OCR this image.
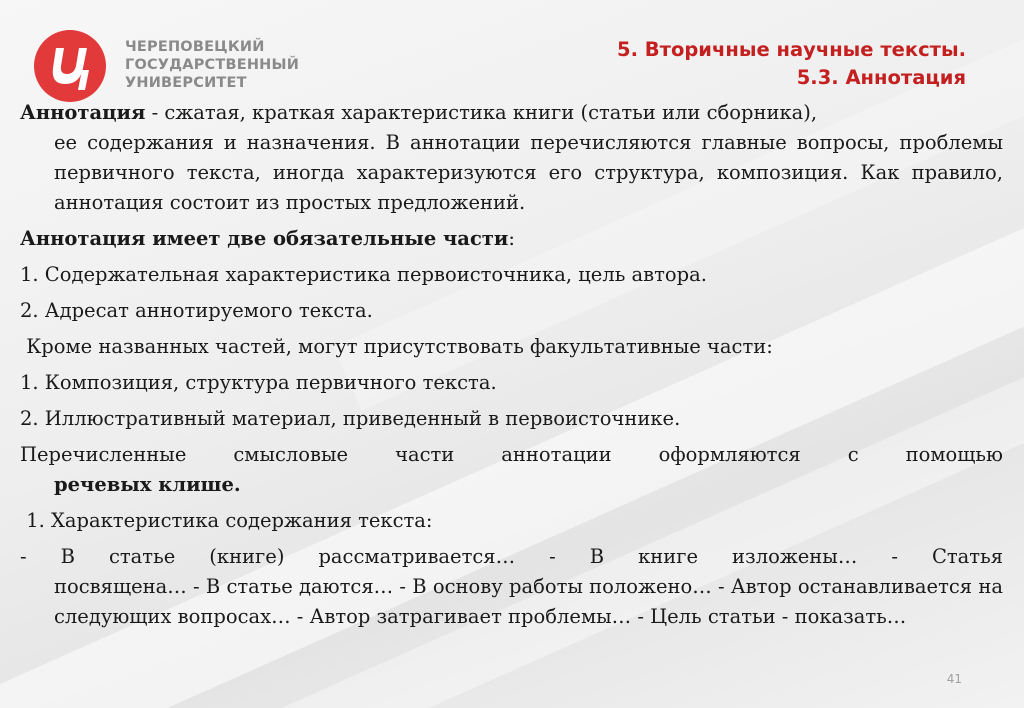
ЧЕРЕПОВЕЦКИЙ
ГОСУДАРСТВЕННЫЙ
УНИВЕРСИТЕТ
5. Вторичные научные тексты.
5.3. Аннотация

Аннотация - сжатая, краткая характеристика книги (статьи или сборника),

ее содержания и назначения. В аннотации перечисляются главные вопросы, проблемы первичного текста, иногда характеризуются его структура, композиция. Как правило, аннотация состоит из простых предложений.

Аннотация имеет две обязательные части:

1. Содержательная характеристика первоисточника, цель автора.

2. Адресат аннотируемого текста.

Кроме названных частей, могут присутствовать факультативные части:

1. Композиция, структура первичного текста.

2. Иллюстративный материал, приведенный в первоисточнике.

Перечисленные смысловые части аннотации оформляются с помощью

речевых клише.

1. Характеристика содержания текста:

- В статье (книге) рассматривается… - В книге изложены… - Статья

посвящена… - В статье даются… - В основу работы положено… - Автор останавливается на следующих вопросах… - Автор затрагивает проблемы… - Цель статьи - показать…

41
